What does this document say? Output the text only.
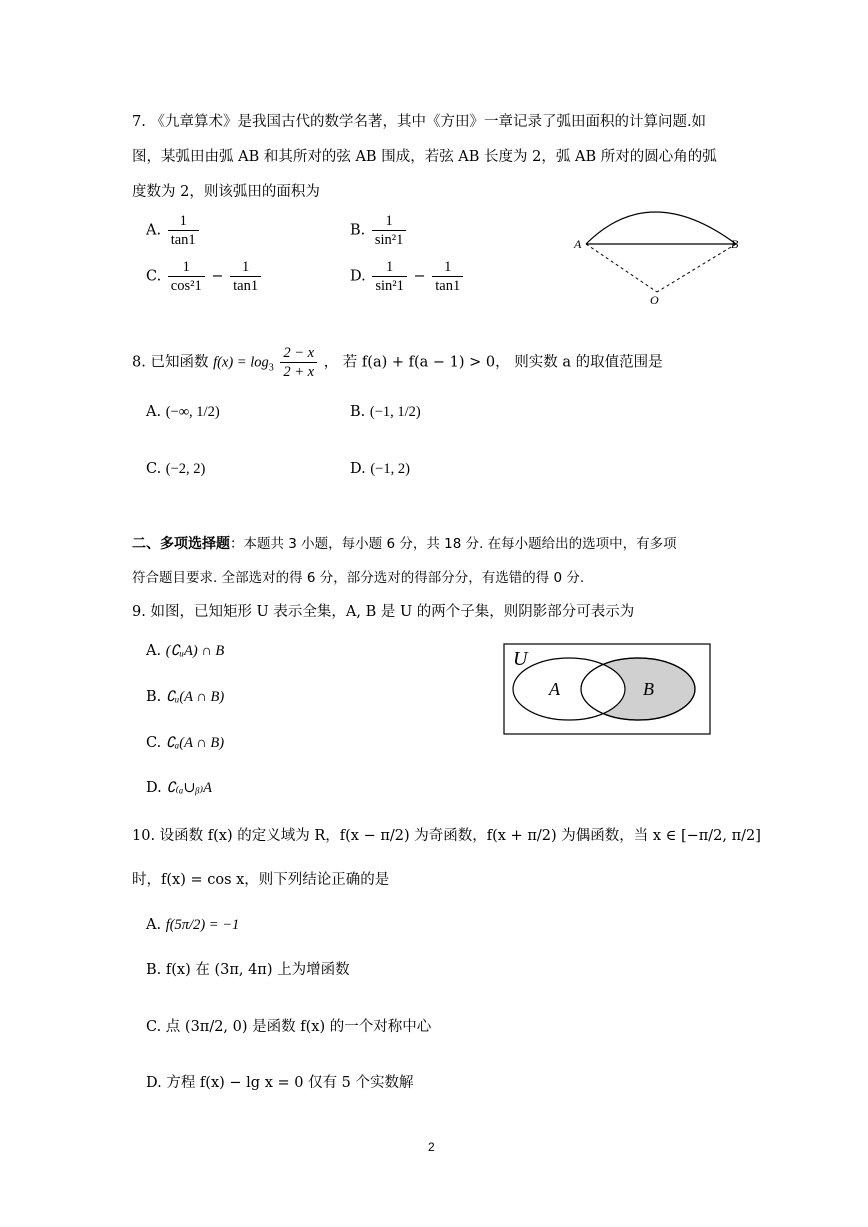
7. 《九章算术》是我国古代的数学名著，其中《方田》一章记录了弧田面积的计算问题.如
图，某弧田由弧 AB 和其所对的弦 AB 围成，若弦 AB 长度为 2，弧 AB 所对的圆心角的弧
度数为 2，则该弧田的面积为
A. $\frac{1}{\tan 1}$	B. $\frac{1}{\text{sin²1}}$
C. $\frac{1}{\text{cos²1}} - \frac{1}{\tan 1}$	D. $\frac{1}{\text{sin²1}} - \frac{1}{\tan 1}$
A	B
O
8. 已知函数 $f(x) = \log_3 \frac{2 - x}{2 + x}$ ， 若 f(a) + f(a − 1) > 0， 则实数 a 的取值范围是
A. (−∞, 1/2)	B. (−1, 1/2)
C. (−2, 2)	D. (−1, 2)
二、多项选择题：本题共 3 小题，每小题 6 分，共 18 分. 在每小题给出的选项中，有多项
符合题目要求. 全部选对的得 6 分，部分选对的得部分分，有选错的得 0 分.
9. 如图，已知矩形 U 表示全集，A, B 是 U 的两个子集，则阴影部分可表示为
A. (∁ᵤA) ∩ B
B. ∁ᵤ(A ∩ B)
C. ∁ₐ(A ∩ B)
D. ∁₍ₐ∪ᵦ₎A
U
A	B
10. 设函数 f(x) 的定义域为 R，f(x − π/2) 为奇函数，f(x + π/2) 为偶函数，当 x ∈ [−π/2, π/2]
时，f(x) = cos x，则下列结论正确的是
A. f(5π/2) = −1
B. f(x) 在 (3π, 4π) 上为增函数
C. 点 (3π/2, 0) 是函数 f(x) 的一个对称中心
D. 方程 f(x) − lg x = 0 仅有 5 个实数解
2
